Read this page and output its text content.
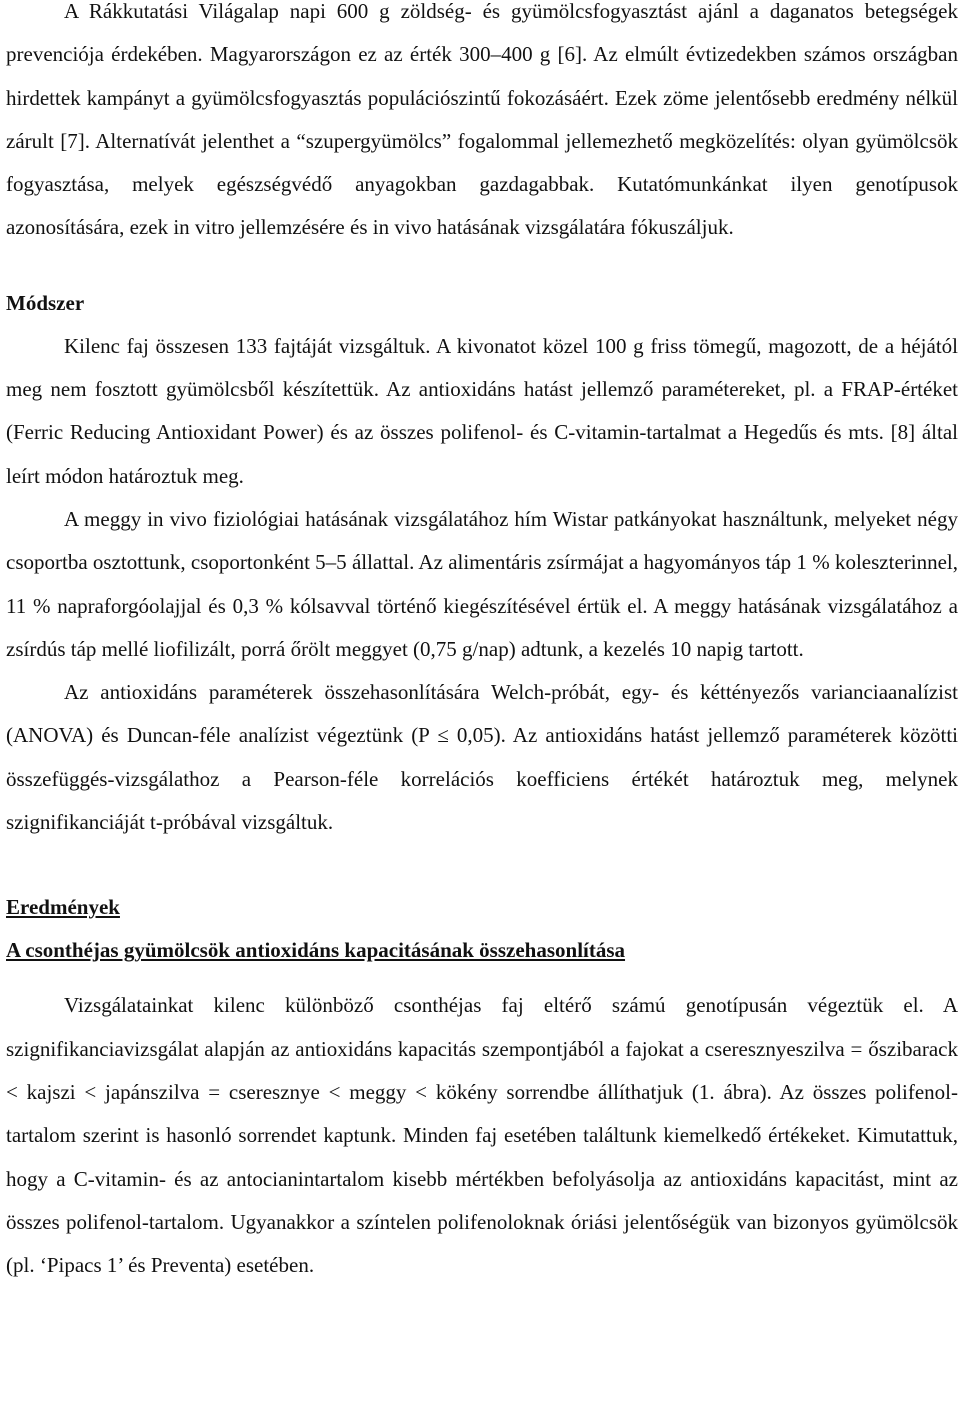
A Rákkutatási Világalap napi 600 g zöldség- és gyümölcsfogyasztást ajánl a daganatos betegségek prevenciója érdekében. Magyarországon ez az érték 300–400 g [6]. Az elmúlt évtizedekben számos országban hirdettek kampányt a gyümölcsfogyasztás populációszintű fokozásáért. Ezek zöme jelentősebb eredmény nélkül zárult [7]. Alternatívát jelenthet a “szupergyümölcs” fogalommal jellemezhető megközelítés: olyan gyümölcsök fogyasztása, melyek egészségvédő anyagokban gazdagabbak. Kutatómunkánkat ilyen genotípusok azonosítására, ezek in vitro jellemzésére és in vivo hatásának vizsgálatára fókuszáljuk.

Módszer

Kilenc faj összesen 133 fajtáját vizsgáltuk. A kivonatot közel 100 g friss tömegű, magozott, de a héjától meg nem fosztott gyümölcsből készítettük. Az antioxidáns hatást jellemző paramétereket, pl. a FRAP-értéket (Ferric Reducing Antioxidant Power) és az összes polifenol- és C-vitamin-tartalmat a Hegedűs és mts. [8] által leírt módon határoztuk meg.

A meggy in vivo fiziológiai hatásának vizsgálatához hím Wistar patkányokat használtunk, melyeket négy csoportba osztottunk, csoportonként 5–5 állattal. Az alimentáris zsírmájat a hagyományos táp 1 % koleszterinnel, 11 % napraforgóolajjal és 0,3 % kólsavval történő kiegészítésével értük el. A meggy hatásának vizsgálatához a zsírdús táp mellé liofilizált, porrá őrölt meggyet (0,75 g/nap) adtunk, a kezelés 10 napig tartott.

Az antioxidáns paraméterek összehasonlítására Welch-próbát, egy- és kéttényezős varianciaanalízist (ANOVA) és Duncan-féle analízist végeztünk (P ≤ 0,05). Az antioxidáns hatást jellemző paraméterek közötti összefüggés-vizsgálathoz a Pearson-féle korrelációs koefficiens értékét határoztuk meg, melynek szignifikanciáját t-próbával vizsgáltuk.

Eredmények
A csonthéjas gyümölcsök antioxidáns kapacitásának összehasonlítása

Vizsgálatainkat kilenc különböző csonthéjas faj eltérő számú genotípusán végeztük el. A szignifikanciavizsgálat alapján az antioxidáns kapacitás szempontjából a fajokat a cseresznyeszilva = őszibarack < kajszi < japánszilva = cseresznye < meggy < kökény sorrendbe állíthatjuk (1. ábra). Az összes polifenol-tartalom szerint is hasonló sorrendet kaptunk. Minden faj esetében találtunk kiemelkedő értékeket. Kimutattuk, hogy a C-vitamin- és az antocianintartalom kisebb mértékben befolyásolja az antioxidáns kapacitást, mint az összes polifenol-tartalom. Ugyanakkor a színtelen polifenoloknak óriási jelentőségük van bizonyos gyümölcsök (pl. ‘Pipacs 1’ és Preventa) esetében.
